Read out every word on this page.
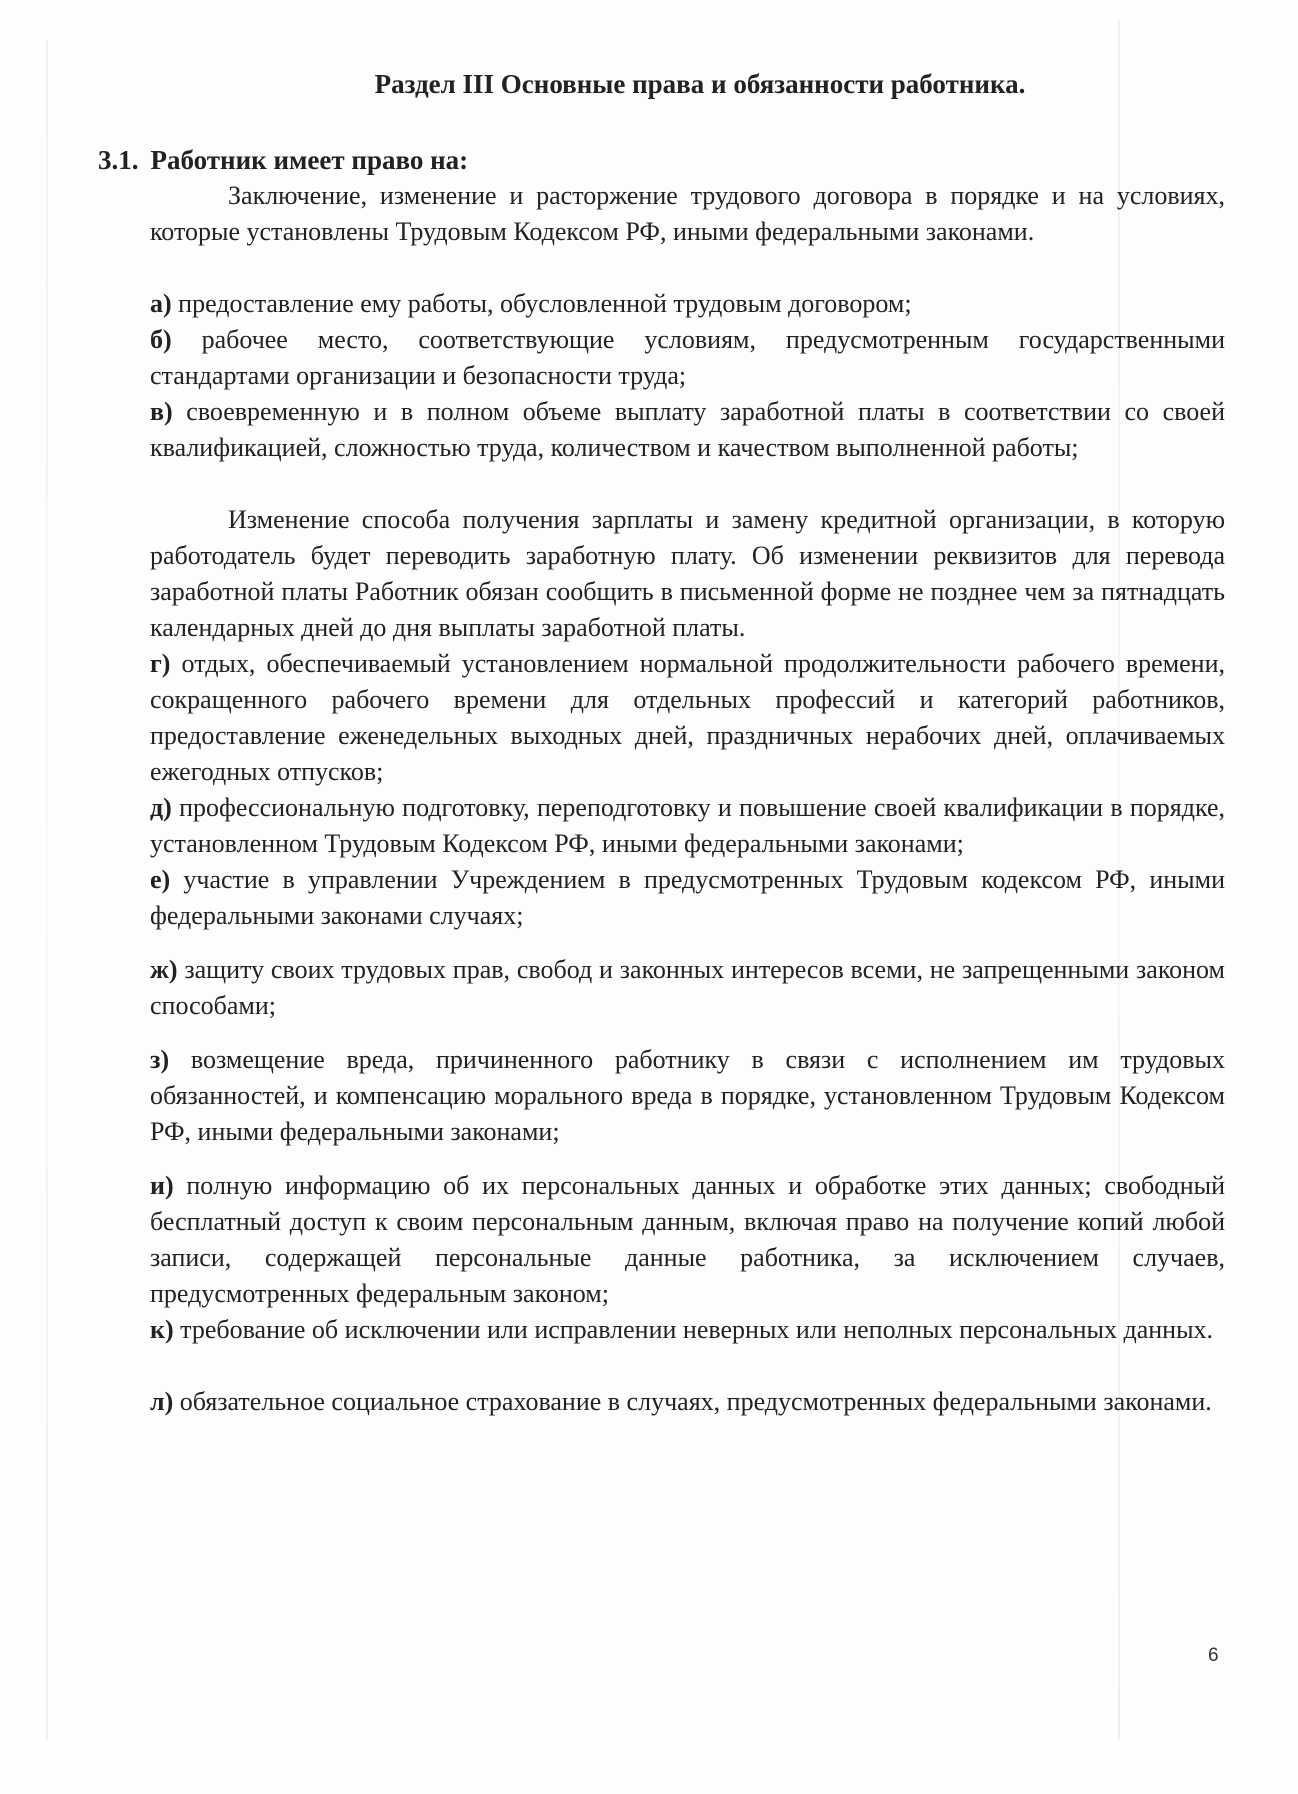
Раздел III Основные права и обязанности работника.
3.1. Работник имеет право на:

Заключение, изменение и расторжение трудового договора в порядке и на условиях, которые установлены Трудовым Кодексом РФ, иными федеральными законами.

а) предоставление ему работы, обусловленной трудовым договором;

б) рабочее место, соответствующие условиям, предусмотренным государственными стандартами организации и безопасности труда;

в) своевременную и в полном объеме выплату заработной платы в соответствии со своей квалификацией, сложностью труда, количеством и качеством выполненной работы;

Изменение способа получения зарплаты и замену кредитной организации, в которую работодатель будет переводить заработную плату. Об изменении реквизитов для перевода заработной платы Работник обязан сообщить в письменной форме не позднее чем за пятнадцать календарных дней до дня выплаты заработной платы.

г) отдых, обеспечиваемый установлением нормальной продолжительности рабочего времени, сокращенного рабочего времени для отдельных профессий и категорий работников, предоставление еженедельных выходных дней, праздничных нерабочих дней, оплачиваемых ежегодных отпусков;

д) профессиональную подготовку, переподготовку и повышение своей квалификации в порядке, установленном Трудовым Кодексом РФ, иными федеральными законами;

е) участие в управлении Учреждением в предусмотренных Трудовым кодексом РФ, иными федеральными законами случаях;

ж) защиту своих трудовых прав, свобод и законных интересов всеми, не запрещенными законом способами;

з) возмещение вреда, причиненного работнику в связи с исполнением им трудовых обязанностей, и компенсацию морального вреда в порядке, установленном Трудовым Кодексом РФ, иными федеральными законами;

и) полную информацию об их персональных данных и обработке этих данных; свободный бесплатный доступ к своим персональным данным, включая право на получение копий любой записи, содержащей персональные данные работника, за исключением случаев, предусмотренных федеральным законом;

к) требование об исключении или исправлении неверных или неполных персональных данных.

л) обязательное социальное страхование в случаях, предусмотренных федеральными законами.

6
